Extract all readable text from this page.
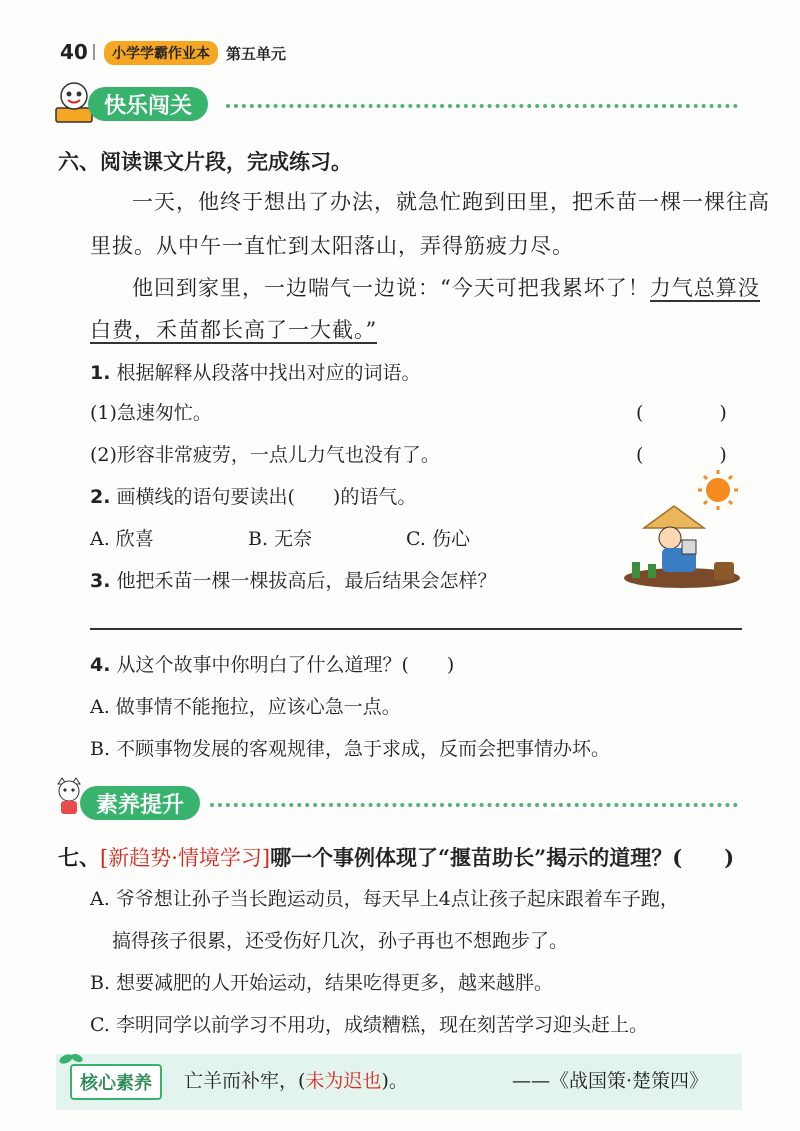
40	小学学霸作业本	第五单元
快乐闯关
六、阅读课文片段，完成练习。
一天，他终于想出了办法，就急忙跑到田里，把禾苗一棵一棵往高
里拔。从中午一直忙到太阳落山，弄得筋疲力尽。
他回到家里，一边喘气一边说：“今天可把我累坏了！力气总算没
白费，禾苗都长高了一大截。”
1. 根据解释从段落中找出对应的词语。
(1)急速匆忙。	(　　　　)
(2)形容非常疲劳，一点儿力气也没有了。	(　　　　)
2. 画横线的语句要读出(　　)的语气。
A. 欣喜	B. 无奈	C. 伤心
3. 他把禾苗一棵一棵拔高后，最后结果会怎样？
4. 从这个故事中你明白了什么道理？(　　)
A. 做事情不能拖拉，应该心急一点。
B. 不顾事物发展的客观规律，急于求成，反而会把事情办坏。
素养提升
七、[新趋势·情境学习]哪一个事例体现了“揠苗助长”揭示的道理？(　　)
A. 爷爷想让孙子当长跑运动员，每天早上4点让孩子起床跟着车子跑，
搞得孩子很累，还受伤好几次，孙子再也不想跑步了。
B. 想要减肥的人开始运动，结果吃得更多，越来越胖。
C. 李明同学以前学习不用功，成绩糟糕，现在刻苦学习迎头赶上。
核心素养	亡羊而补牢，(未为迟也)。	——《战国策·楚策四》
